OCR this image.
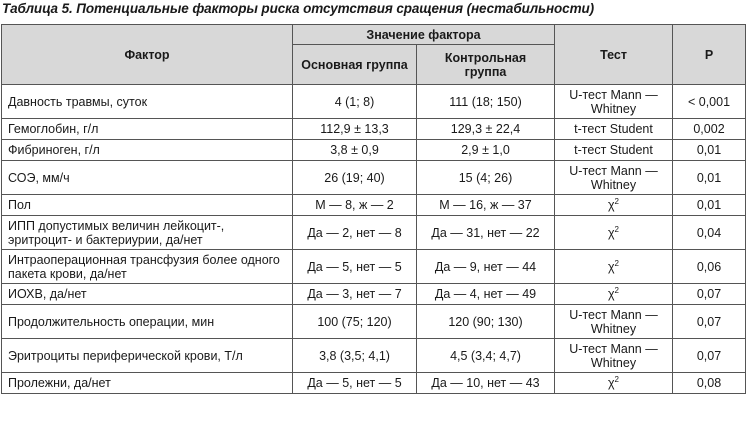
Таблица 5. Потенциальные факторы риска отсутствия сращения (нестабильности)
Фактор	Значение фактора		Тест	P
	Основная группа	Контрольная группа		
Давность травмы, суток	4 (1; 8)	111 (18; 150)	U-тест Mann — Whitney	< 0,001
Гемоглобин, г/л	112,9 ± 13,3	129,3 ± 22,4	t-тест Student	0,002
Фибриноген, г/л	3,8 ± 0,9	2,9 ± 1,0	t-тест Student	0,01
СОЭ, мм/ч	26 (19; 40)	15 (4; 26)	U-тест Mann — Whitney	0,01
Пол	М — 8, ж — 2	М — 16, ж — 37	$\chi^2$	0,01
ИПП допустимых величин лейкоцит-, эритроцит- и бактериурии, да/нет	Да — 2, нет — 8	Да — 31, нет — 22	$\chi^2$	0,04
Интраоперационная трансфузия более одного пакета крови, да/нет	Да — 5, нет — 5	Да — 9, нет — 44	$\chi^2$	0,06
ИОХВ, да/нет	Да — 3, нет — 7	Да — 4, нет — 49	$\chi^2$	0,07
Продолжительность операции, мин	100 (75; 120)	120 (90; 130)	U-тест Mann — Whitney	0,07
Эритроциты периферической крови, Т/л	3,8 (3,5; 4,1)	4,5 (3,4; 4,7)	U-тест Mann — Whitney	0,07
Пролежни, да/нет	Да — 5, нет — 5	Да — 10, нет — 43	$\chi^2$	0,08
